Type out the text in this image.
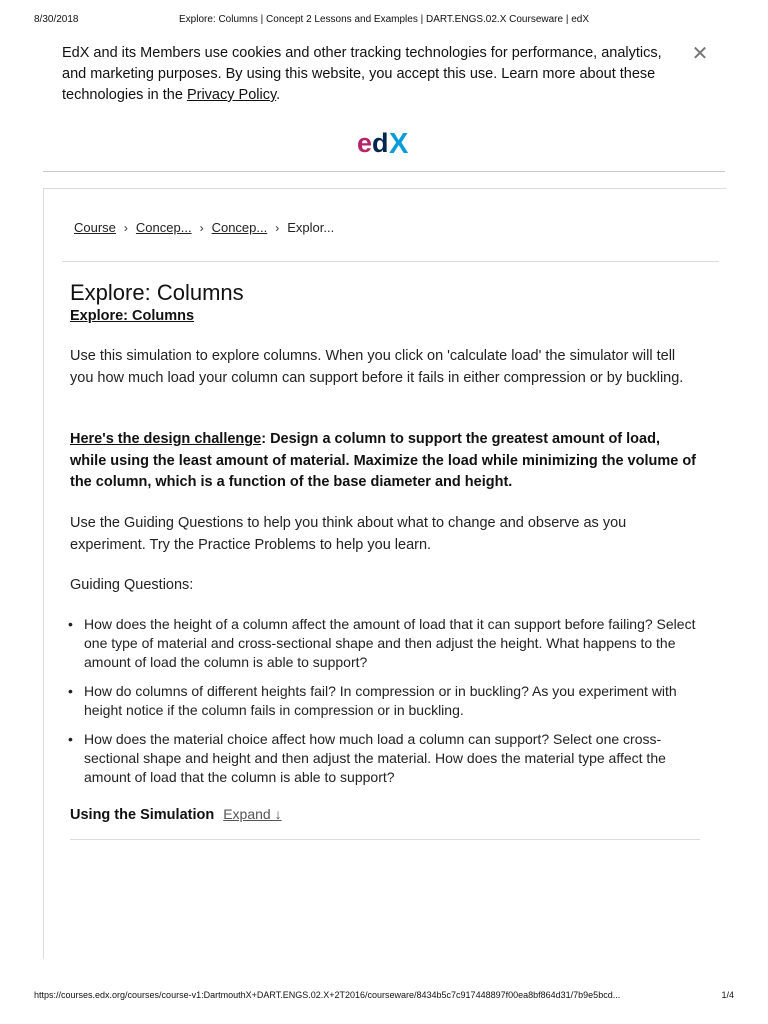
8/30/2018	Explore: Columns | Concept 2 Lessons and Examples | DART.ENGS.02.X Courseware | edX
EdX and its Members use cookies and other tracking technologies for performance, analytics, and marketing purposes. By using this website, you accept this use. Learn more about these technologies in the Privacy Policy.
✕
e d X
Course › Concep... › Concep... › Explor...
Explore: Columns
Explore: Columns

Use this simulation to explore columns. When you click on 'calculate load' the simulator will tell you how much load your column can support before it fails in either compression or by buckling.

Here's the design challenge: Design a column to support the greatest amount of load, while using the least amount of material. Maximize the load while minimizing the volume of the column, which is a function of the base diameter and height.

Use the Guiding Questions to help you think about what to change and observe as you experiment. Try the Practice Problems to help you learn.

Guiding Questions:

• How does the height of a column affect the amount of load that it can support before failing? Select one type of material and cross-sectional shape and then adjust the height. What happens to the amount of load the column is able to support?
• How do columns of different heights fail? In compression or in buckling? As you experiment with height notice if the column fails in compression or in buckling.
• How does the material choice affect how much load a column can support? Select one cross-sectional shape and height and then adjust the material. How does the material type affect the amount of load that the column is able to support?
Using the Simulation Expand ↓
https://courses.edx.org/courses/course-v1:DartmouthX+DART.ENGS.02.X+2T2016/courseware/8434b5c7c917448897f00ea8bf864d31/7b9e5bcd...	1/4
